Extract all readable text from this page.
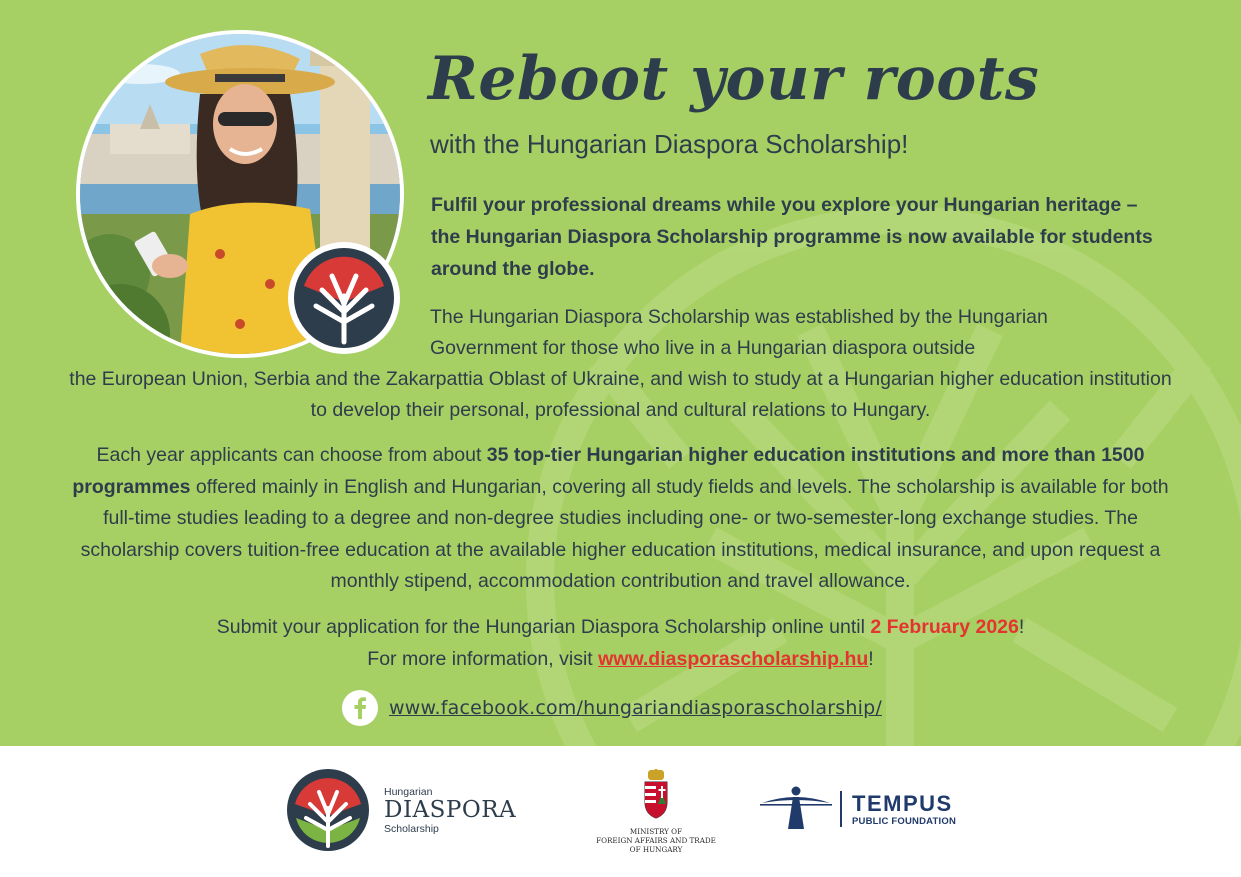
Reboot your roots

with the Hungarian Diaspora Scholarship!

Fulfil your professional dreams while you explore your Hungarian heritage – the Hungarian Diaspora Scholarship programme is now available for students around the globe.

The Hungarian Diaspora Scholarship was established by the Hungarian Government for those who live in a Hungarian diaspora outside

the European Union, Serbia and the Zakarpattia Oblast of Ukraine, and wish to study at a Hungarian higher education institution to develop their personal, professional and cultural relations to Hungary.

Each year applicants can choose from about 35 top-tier Hungarian higher education institutions and more than 1500 programmes offered mainly in English and Hungarian, covering all study fields and levels. The scholarship is available for both full-time studies leading to a degree and non-degree studies including one- or two-semester-long exchange studies. The scholarship covers tuition-free education at the available higher education institutions, medical insurance, and upon request a monthly stipend, accommodation contribution and travel allowance.

Submit your application for the Hungarian Diaspora Scholarship online until 2 February 2026!
For more information, visit www.diasporascholarship.hu!

www.facebook.com/hungariandiasporascholarship/
Hungarian
DIASPORA
Scholarship	MINISTRY OF
FOREIGN AFFAIRS AND TRADE
OF HUNGARY
TEMPUS
PUBLIC FOUNDATION
